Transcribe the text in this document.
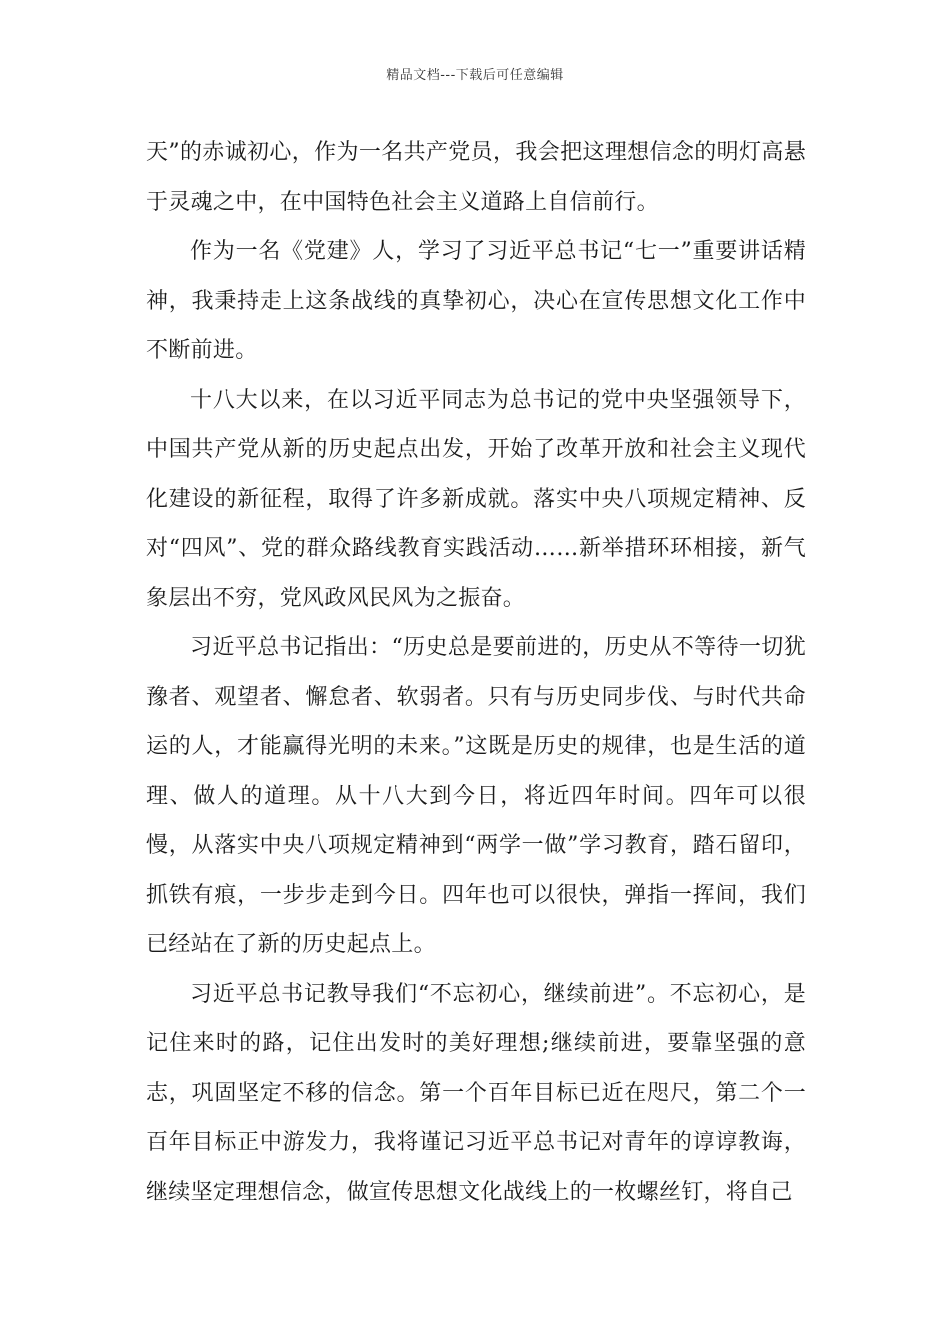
精品文档---下载后可任意编辑

天”的赤诚初心，作为一名共产党员，我会把这理想信念的明灯高悬于灵魂之中，在中国特色社会主义道路上自信前行。

作为一名《党建》人，学习了习近平总书记“七一”重要讲话精神，我秉持走上这条战线的真挚初心，决心在宣传思想文化工作中不断前进。

十八大以来，在以习近平同志为总书记的党中央坚强领导下，中国共产党从新的历史起点出发，开始了改革开放和社会主义现代化建设的新征程，取得了许多新成就。落实中央八项规定精神、反对“四风”、党的群众路线教育实践活动……新举措环环相接，新气象层出不穷，党风政风民风为之振奋。

习近平总书记指出：“历史总是要前进的，历史从不等待一切犹豫者、观望者、懈怠者、软弱者。只有与历史同步伐、与时代共命运的人，才能赢得光明的未来。”这既是历史的规律，也是生活的道理、做人的道理。从十八大到今日，将近四年时间。四年可以很慢，从落实中央八项规定精神到“两学一做”学习教育，踏石留印，抓铁有痕，一步步走到今日。四年也可以很快，弹指一挥间，我们已经站在了新的历史起点上。

习近平总书记教导我们“不忘初心，继续前进”。不忘初心，是记住来时的路，记住出发时的美好理想;继续前进，要靠坚强的意志，巩固坚定不移的信念。第一个百年目标已近在咫尺，第二个一百年目标正中游发力，我将谨记习近平总书记对青年的谆谆教诲，继续坚定理想信念，做宣传思想文化战线上的一枚螺丝钉，将自己
